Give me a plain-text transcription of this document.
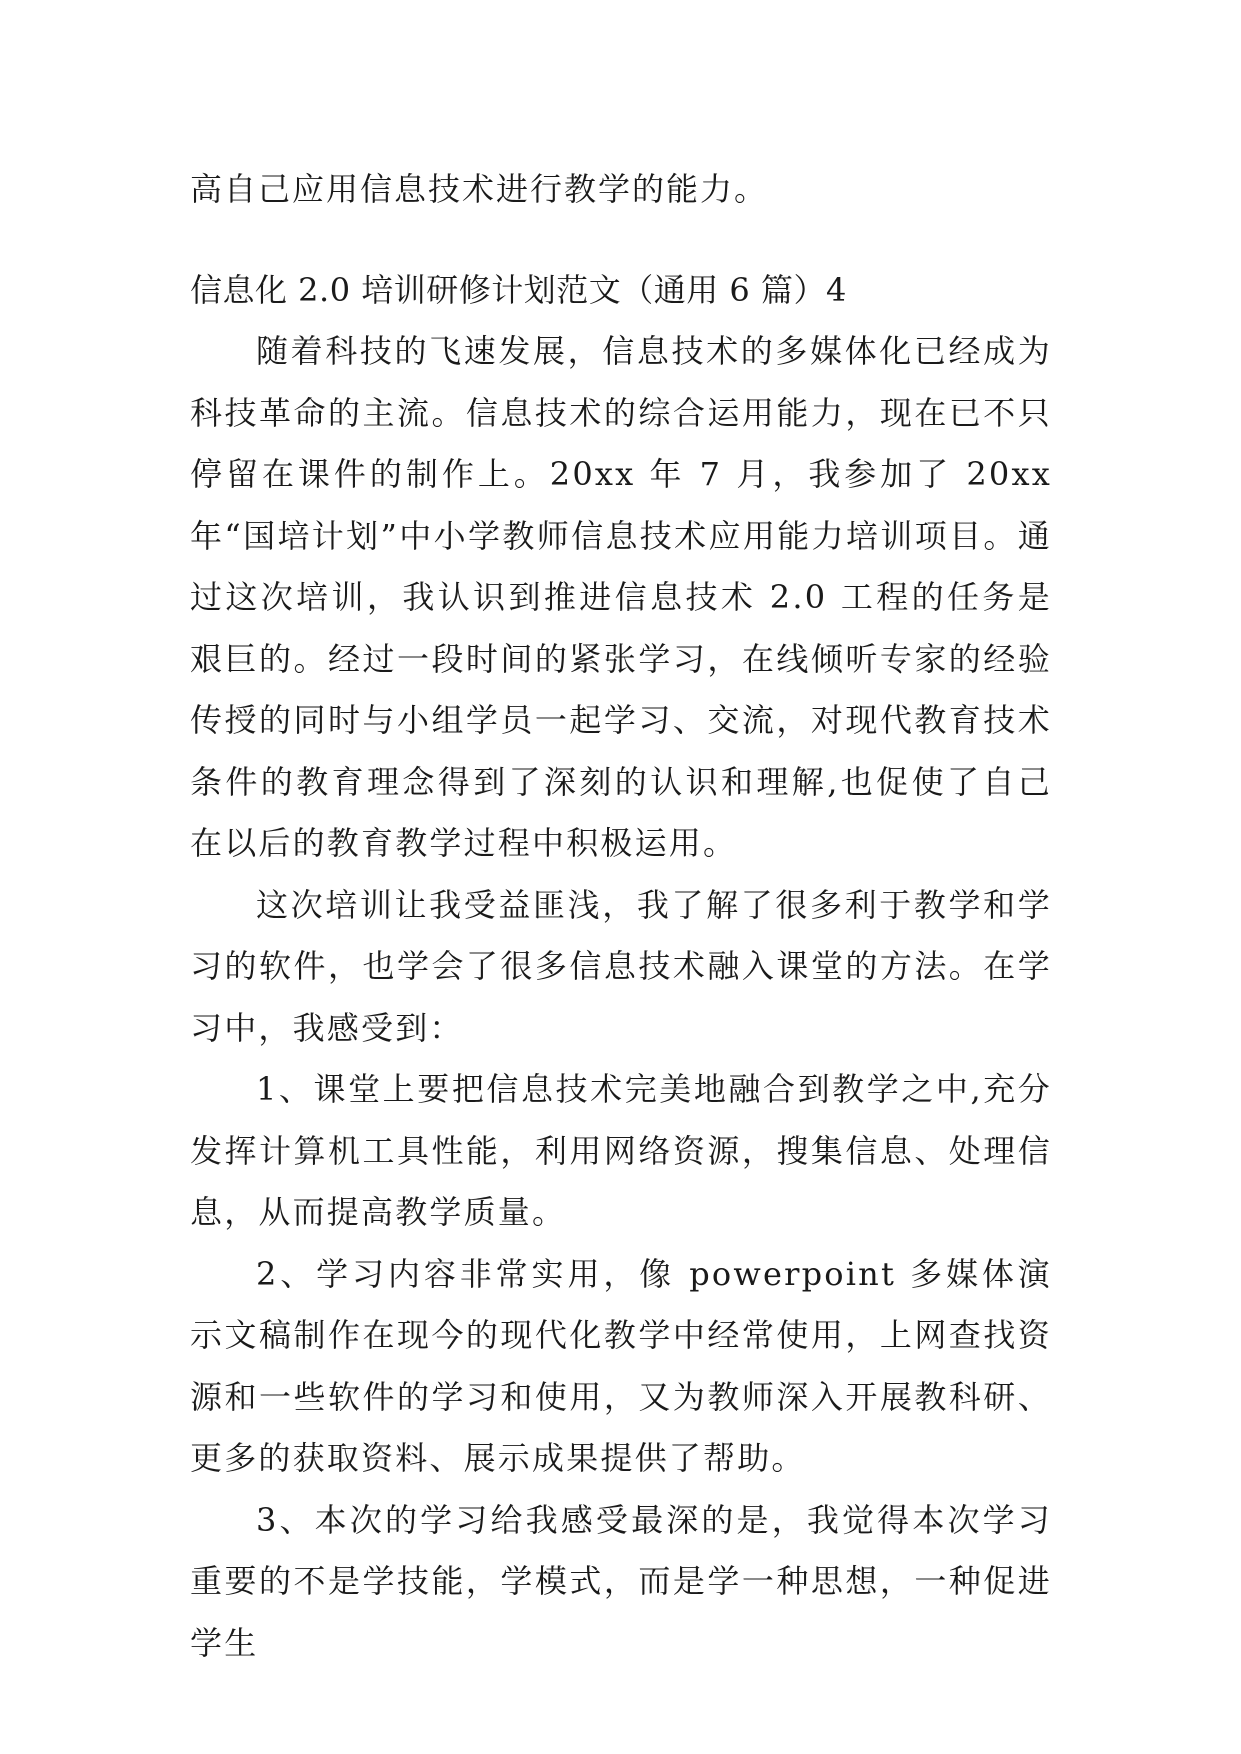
高自己应用信息技术进行教学的能力。
信息化 2.0 培训研修计划范文（通用 6 篇）4

随着科技的飞速发展，信息技术的多媒体化已经成为科技革命的主流。信息技术的综合运用能力，现在已不只停留在课件的制作上。20xx 年 7 月，我参加了 20xx 年“国培计划”中小学教师信息技术应用能力培训项目。通过这次培训，我认识到推进信息技术 2.0 工程的任务是艰巨的。经过一段时间的紧张学习，在线倾听专家的经验传授的同时与小组学员一起学习、交流，对现代教育技术条件的教育理念得到了深刻的认识和理解,也促使了自己在以后的教育教学过程中积极运用。

这次培训让我受益匪浅，我了解了很多利于教学和学习的软件，也学会了很多信息技术融入课堂的方法。在学习中，我感受到：

1、课堂上要把信息技术完美地融合到教学之中,充分发挥计算机工具性能，利用网络资源，搜集信息、处理信息，从而提高教学质量。

2、学习内容非常实用，像 powerpoint 多媒体演示文稿制作在现今的现代化教学中经常使用，上网查找资源和一些软件的学习和使用，又为教师深入开展教科研、更多的获取资料、展示成果提供了帮助。

3、本次的学习给我感受最深的是，我觉得本次学习重要的不是学技能，学模式，而是学一种思想，一种促进学生
